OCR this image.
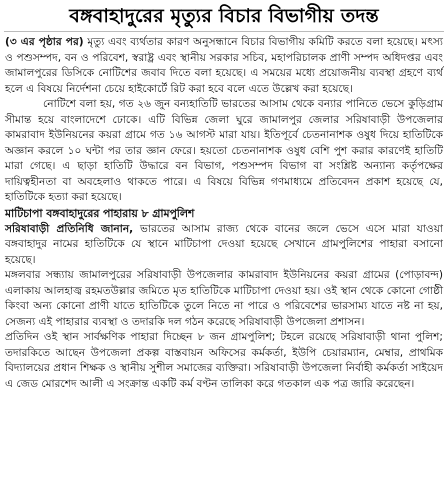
বঙ্গবাহাদুরের মৃত্যুর বিচার বিভাগীয় তদন্ত

(৩ এর পৃষ্ঠার পর) মৃত্যু এবং ব্যর্থতার কারণ অনুসন্ধানে বিচার বিভাগীয় কমিটি করতে বলা হয়েছে। মৎস্য ও পশুসম্পদ, বন ও পরিবেশ, স্বরাষ্ট্র এবং স্থানীয় সরকার সচিব, মহাপরিচালক প্রাণী সম্পদ অধিদপ্তর এবং জামালপুরের ডিসিকে নোটিশের জবাব দিতে বলা হয়েছে। এ সময়ের মধ্যে প্রয়োজনীয় ব্যবস্থা গ্রহণে ব্যর্থ হলে এ বিষয়ে নির্দেশনা চেয়ে হাইকোর্টে রিট করা হবে বলে এতে উল্লেখ করা হয়েছে।

নোটিশে বলা হয়, গত ২৬ জুন বন্যহাতিটি ভারতের আসাম থেকে বন্যার পানিতে ভেসে কুড়িগ্রাম সীমান্ত হয়ে বাংলাদেশে ঢোকে। এটি বিভিন্ন জেলা ঘুরে জামালপুর জেলার সরিষাবাড়ী উপজেলার কামরাবাদ ইউনিয়নের কয়রা গ্রামে গত ১৬ আগস্ট মারা যায়। ইতিপূর্বে চেতনানাশক ওষুধ দিয়ে হাতিটিকে অজ্ঞান করলে ১০ ঘন্টা পর তার জ্ঞান ফেরে। হয়তো চেতনানাশক ওষুধ বেশি পুশ করার কারণেই হাতিটি মারা গেছে। এ ছাড়া হাতিটি উদ্ধারে বন বিভাগ, পশুসম্পদ বিভাগ বা সংশ্লিষ্ট অন্যান্য কর্তৃপক্ষের দায়িত্বহীনতা বা অবহেলাও থাকতে পারে। এ বিষয়ে বিভিন্ন গণমাধ্যমে প্রতিবেদন প্রকাশ হয়েছে যে, হাতিটিকে হত্যা করা হয়েছে।

মাটিচাপা বঙ্গবাহাদুরের পাহারায় ৮ গ্রামপুলিশ

সরিষাবাড়ী প্রতিনিধি জানান, ভারতের আসাম রাজ্য থেকে বানের জলে ভেসে এসে মারা যাওয়া বঙ্গবাহাদুর নামের হাতিটিকে যে স্থানে মাটিচাপা দেওয়া হয়েছে সেখানে গ্রামপুলিশের পাহারা বসানো হয়েছে।

মঙ্গলবার সন্ধ্যায় জামালপুরের সরিষাবাড়ী উপজেলার কামরাবাদ ইউনিয়নের কয়রা গ্রামের (পোড়াবন্দ) এলাকায় আলহাজ্ব রহমতউল্লার জমিতে মৃত হাতিটিকে মাটিচাপা দেওয়া হয়। ওই স্থান থেকে কোনো গোষ্ঠী কিংবা অন্য কোনো প্রাণী যাতে হাতিটিকে তুলে নিতে না পারে ও পরিবেশের ভারসাম্য যাতে নষ্ট না হয়, সেজন্য এই পাহারার ব্যবস্থা ও তদারকি দল গঠন করেছে সরিষাবাড়ী উপজেলা প্রশাসন।

প্রতিদিন ওই স্থান সার্বক্ষণিক পাহারা দিচ্ছেন ৮ জন গ্রামপুলিশ; টহলে রয়েছে সরিষাবাড়ী থানা পুলিশ; তদারকিতে আছেন উপজেলা প্রকল্প বাস্তবায়ন অফিসের কর্মকর্তা, ইউপি চেয়ারম্যান, মেম্বার, প্রাথমিক বিদ্যালয়ের প্রধান শিক্ষক ও স্থানীয় সুশীল সমাজের ব্যক্তিরা। সরিষাবাড়ী উপজেলা নির্বাহী কর্মকর্তা সাইয়েদ এ জেড মোরশেদ আলী এ সংক্রান্ত একটি কর্ম বণ্টন তালিকা করে গতকাল এক পত্র জারি করেছেন।
